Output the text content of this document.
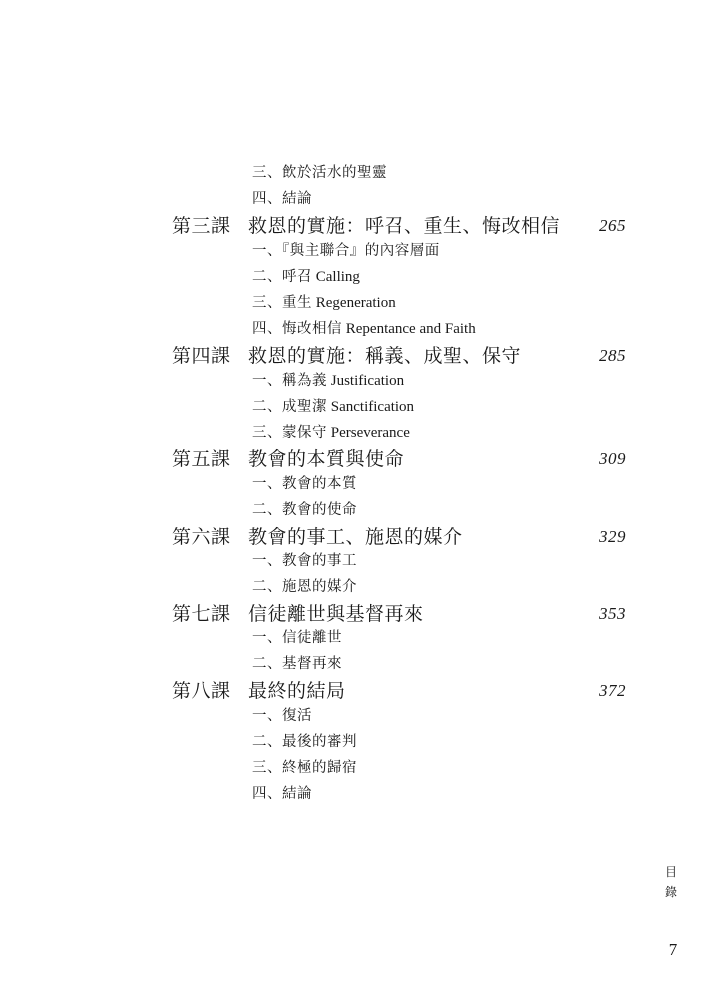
三、飲於活水的聖靈
四、結論
第三課 救恩的實施：呼召、重生、悔改相信	265
一、『與主聯合』的內容層面
二、呼召 Calling
三、重生 Regeneration
四、悔改相信 Repentance and Faith
第四課 救恩的實施：稱義、成聖、保守	285
一、稱為義 Justification
二、成聖潔 Sanctification
三、蒙保守 Perseverance
第五課 教會的本質與使命	309
一、教會的本質
二、教會的使命
第六課 教會的事工、施恩的媒介	329
一、教會的事工
二、施恩的媒介
第七課 信徒離世與基督再來	353
一、信徒離世
二、基督再來
第八課 最終的結局	372
一、復活
二、最後的審判
三、終極的歸宿
四、結論
目錄
7
